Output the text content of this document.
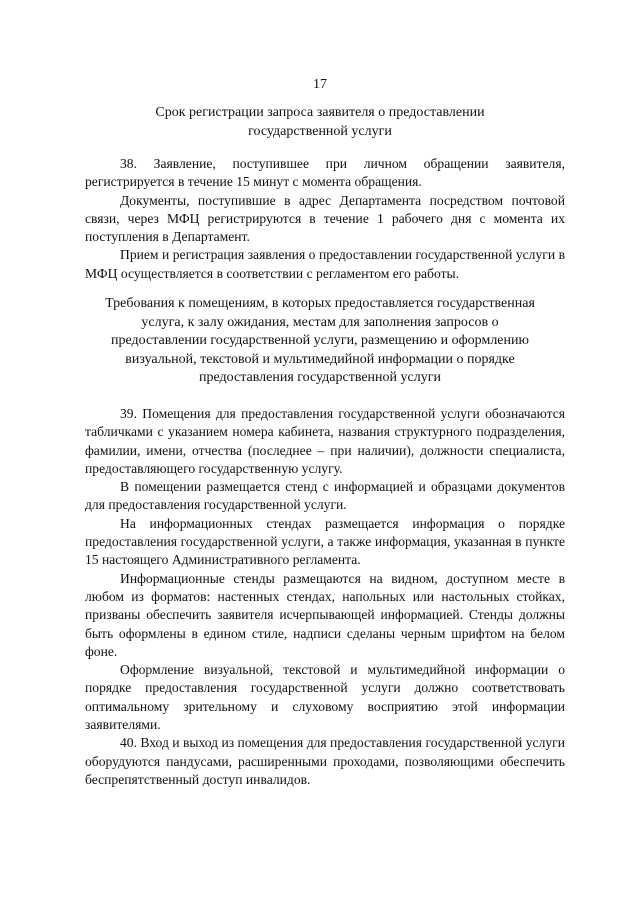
17

Срок регистрации запроса заявителя о предоставлении
государственной услуги

38. Заявление, поступившее при личном обращении заявителя, регистрируется в течение 15 минут с момента обращения.

Документы, поступившие в адрес Департамента посредством почтовой связи, через МФЦ регистрируются в течение 1 рабочего дня с момента их поступления в Департамент.

Прием и регистрация заявления о предоставлении государственной услуги в МФЦ осуществляется в соответствии с регламентом его работы.

Требования к помещениям, в которых предоставляется государственная
услуга, к залу ожидания, местам для заполнения запросов о
предоставлении государственной услуги, размещению и оформлению
визуальной, текстовой и мультимедийной информации о порядке
предоставления государственной услуги

39. Помещения для предоставления государственной услуги обозначаются табличками с указанием номера кабинета, названия структурного подразделения, фамилии, имени, отчества (последнее – при наличии), должности специалиста, предоставляющего государственную услугу.

В помещении размещается стенд с информацией и образцами документов для предоставления государственной услуги.

На информационных стендах размещается информация о порядке предоставления государственной услуги, а также информация, указанная в пункте 15 настоящего Административного регламента.

Информационные стенды размещаются на видном, доступном месте в любом из форматов: настенных стендах, напольных или настольных стойках, призваны обеспечить заявителя исчерпывающей информацией. Стенды должны быть оформлены в едином стиле, надписи сделаны черным шрифтом на белом фоне.

Оформление визуальной, текстовой и мультимедийной информации о порядке предоставления государственной услуги должно соответствовать оптимальному зрительному и слуховому восприятию этой информации заявителями.

40. Вход и выход из помещения для предоставления государственной услуги оборудуются пандусами, расширенными проходами, позволяющими обеспечить беспрепятственный доступ инвалидов.
